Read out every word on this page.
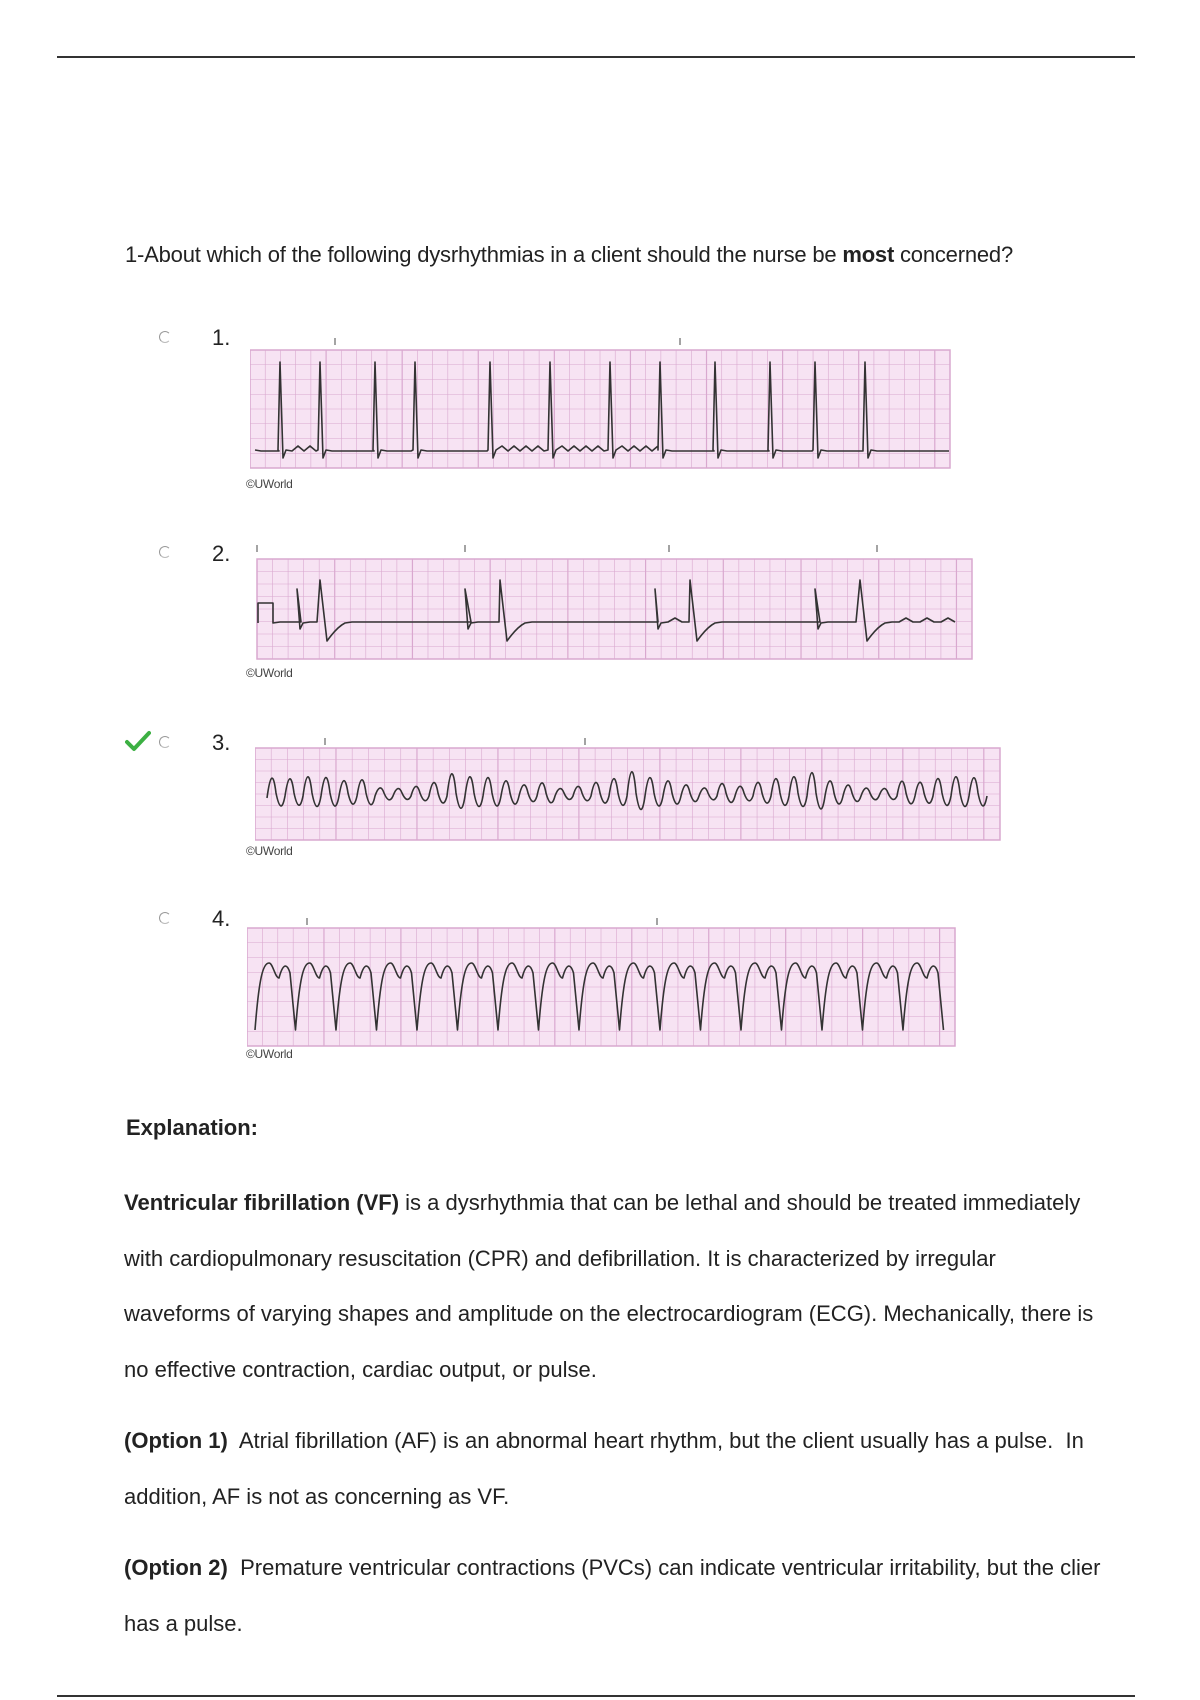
1-About which of the following dysrhythmias in a client should the nurse be most concerned?
1.
©UWorld
2.
©UWorld
3.
©UWorld
4.
©UWorld
Explanation:
Ventricular fibrillation (VF) is a dysrhythmia that can be lethal and should be treated immediately
with cardiopulmonary resuscitation (CPR) and defibrillation. It is characterized by irregular
waveforms of varying shapes and amplitude on the electrocardiogram (ECG). Mechanically, there is
no effective contraction, cardiac output, or pulse.
(Option 1)  Atrial fibrillation (AF) is an abnormal heart rhythm, but the client usually has a pulse.  In
addition, AF is not as concerning as VF.
(Option 2)  Premature ventricular contractions (PVCs) can indicate ventricular irritability, but the clier
has a pulse.
